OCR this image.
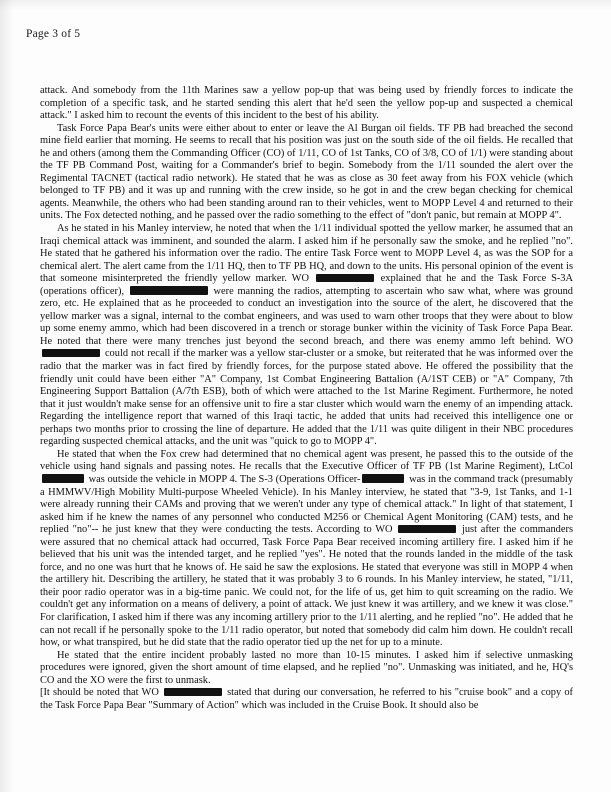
Page 3 of 5

attack. And somebody from the 11th Marines saw a yellow pop-up that was being used by friendly forces to indicate the completion of a specific task, and he started sending this alert that he'd seen the yellow pop-up and suspected a chemical attack." I asked him to recount the events of this incident to the best of his ability.

Task Force Papa Bear's units were either about to enter or leave the Al Burgan oil fields. TF PB had breached the second mine field earlier that morning. He seems to recall that his position was just on the south side of the oil fields. He recalled that he and others (among them the Commanding Officer (CO) of 1/11, CO of 1st Tanks, CO of 3/8, CO of 1/1) were standing about the TF PB Command Post, waiting for a Commander's brief to begin. Somebody from the 1/11 sounded the alert over the Regimental TACNET (tactical radio network). He stated that he was as close as 30 feet away from his FOX vehicle (which belonged to TF PB) and it was up and running with the crew inside, so he got in and the crew began checking for chemical agents. Meanwhile, the others who had been standing around ran to their vehicles, went to MOPP Level 4 and returned to their units. The Fox detected nothing, and he passed over the radio something to the effect of "don't panic, but remain at MOPP 4".

As he stated in his Manley interview, he noted that when the 1/11 individual spotted the yellow marker, he assumed that an Iraqi chemical attack was imminent, and sounded the alarm. I asked him if he personally saw the smoke, and he replied "no". He stated that he gathered his information over the radio. The entire Task Force went to MOPP Level 4, as was the SOP for a chemical alert. The alert came from the 1/11 HQ, then to TF PB HQ, and down to the units. His personal opinion of the event is that someone misinterpreted the friendly yellow marker. WO	explained that he and the Task Force S-3A (operations officer),	were manning the radios, attempting to ascertain who saw what, where was ground zero, etc. He explained that as he proceeded to conduct an investigation into the source of the alert, he discovered that the yellow marker was a signal, internal to the combat engineers, and was used to warn other troops that they were about to blow up some enemy ammo, which had been discovered in a trench or storage bunker within the vicinity of Task Force Papa Bear. He noted that there were many trenches just beyond the second breach, and there was enemy ammo left behind. WO  could not recall if the marker was a yellow star-cluster or a smoke, but reiterated that he was informed over the radio that the marker was in fact fired by friendly forces, for the purpose stated above. He offered the possibility that the friendly unit could have been either "A" Company, 1st Combat Engineering Battalion (A/1ST CEB) or "A" Company, 7th Engineering Support Battalion (A/7th ESB), both of which were attached to the 1st Marine Regiment. Furthermore, he noted that it just wouldn't make sense for an offensive unit to fire a star cluster which would warn the enemy of an impending attack. Regarding the intelligence report that warned of this Iraqi tactic, he added that units had received this intelligence one or perhaps two months prior to crossing the line of departure. He added that the 1/11 was quite diligent in their NBC procedures regarding suspected chemical attacks, and the unit was "quick to go to MOPP 4".

He stated that when the Fox crew had determined that no chemical agent was present, he passed this to the outside of the vehicle using hand signals and passing notes. He recalls that the Executive Officer of TF PB (1st Marine Regiment), LtCol  was outside the vehicle in MOPP 4. The S-3 (Operations Officer-	was in the command track (presumably a HMMWV/High Mobility Multi-purpose Wheeled Vehicle). In his Manley interview, he stated that "3-9, 1st Tanks, and 1-1 were already running their CAMs and proving that we weren't under any type of chemical attack." In light of that statement, I asked him if he knew the names of any personnel who conducted M256 or Chemical Agent Monitoring (CAM) tests, and he replied "no"-- he just knew that they were conducting the tests. According to WO	just after the commanders were assured that no chemical attack had occurred, Task Force Papa Bear received incoming artillery fire. I asked him if he believed that his unit was the intended target, and he replied "yes". He noted that the rounds landed in the middle of the task force, and no one was hurt that he knows of. He said he saw the explosions. He stated that everyone was still in MOPP 4 when the artillery hit. Describing the artillery, he stated that it was probably 3 to 6 rounds. In his Manley interview, he stated, "1/11, their poor radio operator was in a big-time panic. We could not, for the life of us, get him to quit screaming on the radio. We couldn't get any information on a means of delivery, a point of attack. We just knew it was artillery, and we knew it was close." For clarification, I asked him if there was any incoming artillery prior to the 1/11 alerting, and he replied "no". He added that he can not recall if he personally spoke to the 1/11 radio operator, but noted that somebody did calm him down. He couldn't recall how, or what transpired, but he did state that the radio operator tied up the net for up to a minute.

He stated that the entire incident probably lasted no more than 10-15 minutes. I asked him if selective unmasking procedures were ignored, given the short amount of time elapsed, and he replied "no". Unmasking was initiated, and he, HQ's CO and the XO were the first to unmask.

[It should be noted that WO	stated that during our conversation, he referred to his "cruise book" and a copy of the Task Force Papa Bear "Summary of Action" which was included in the Cruise Book. It should also be
